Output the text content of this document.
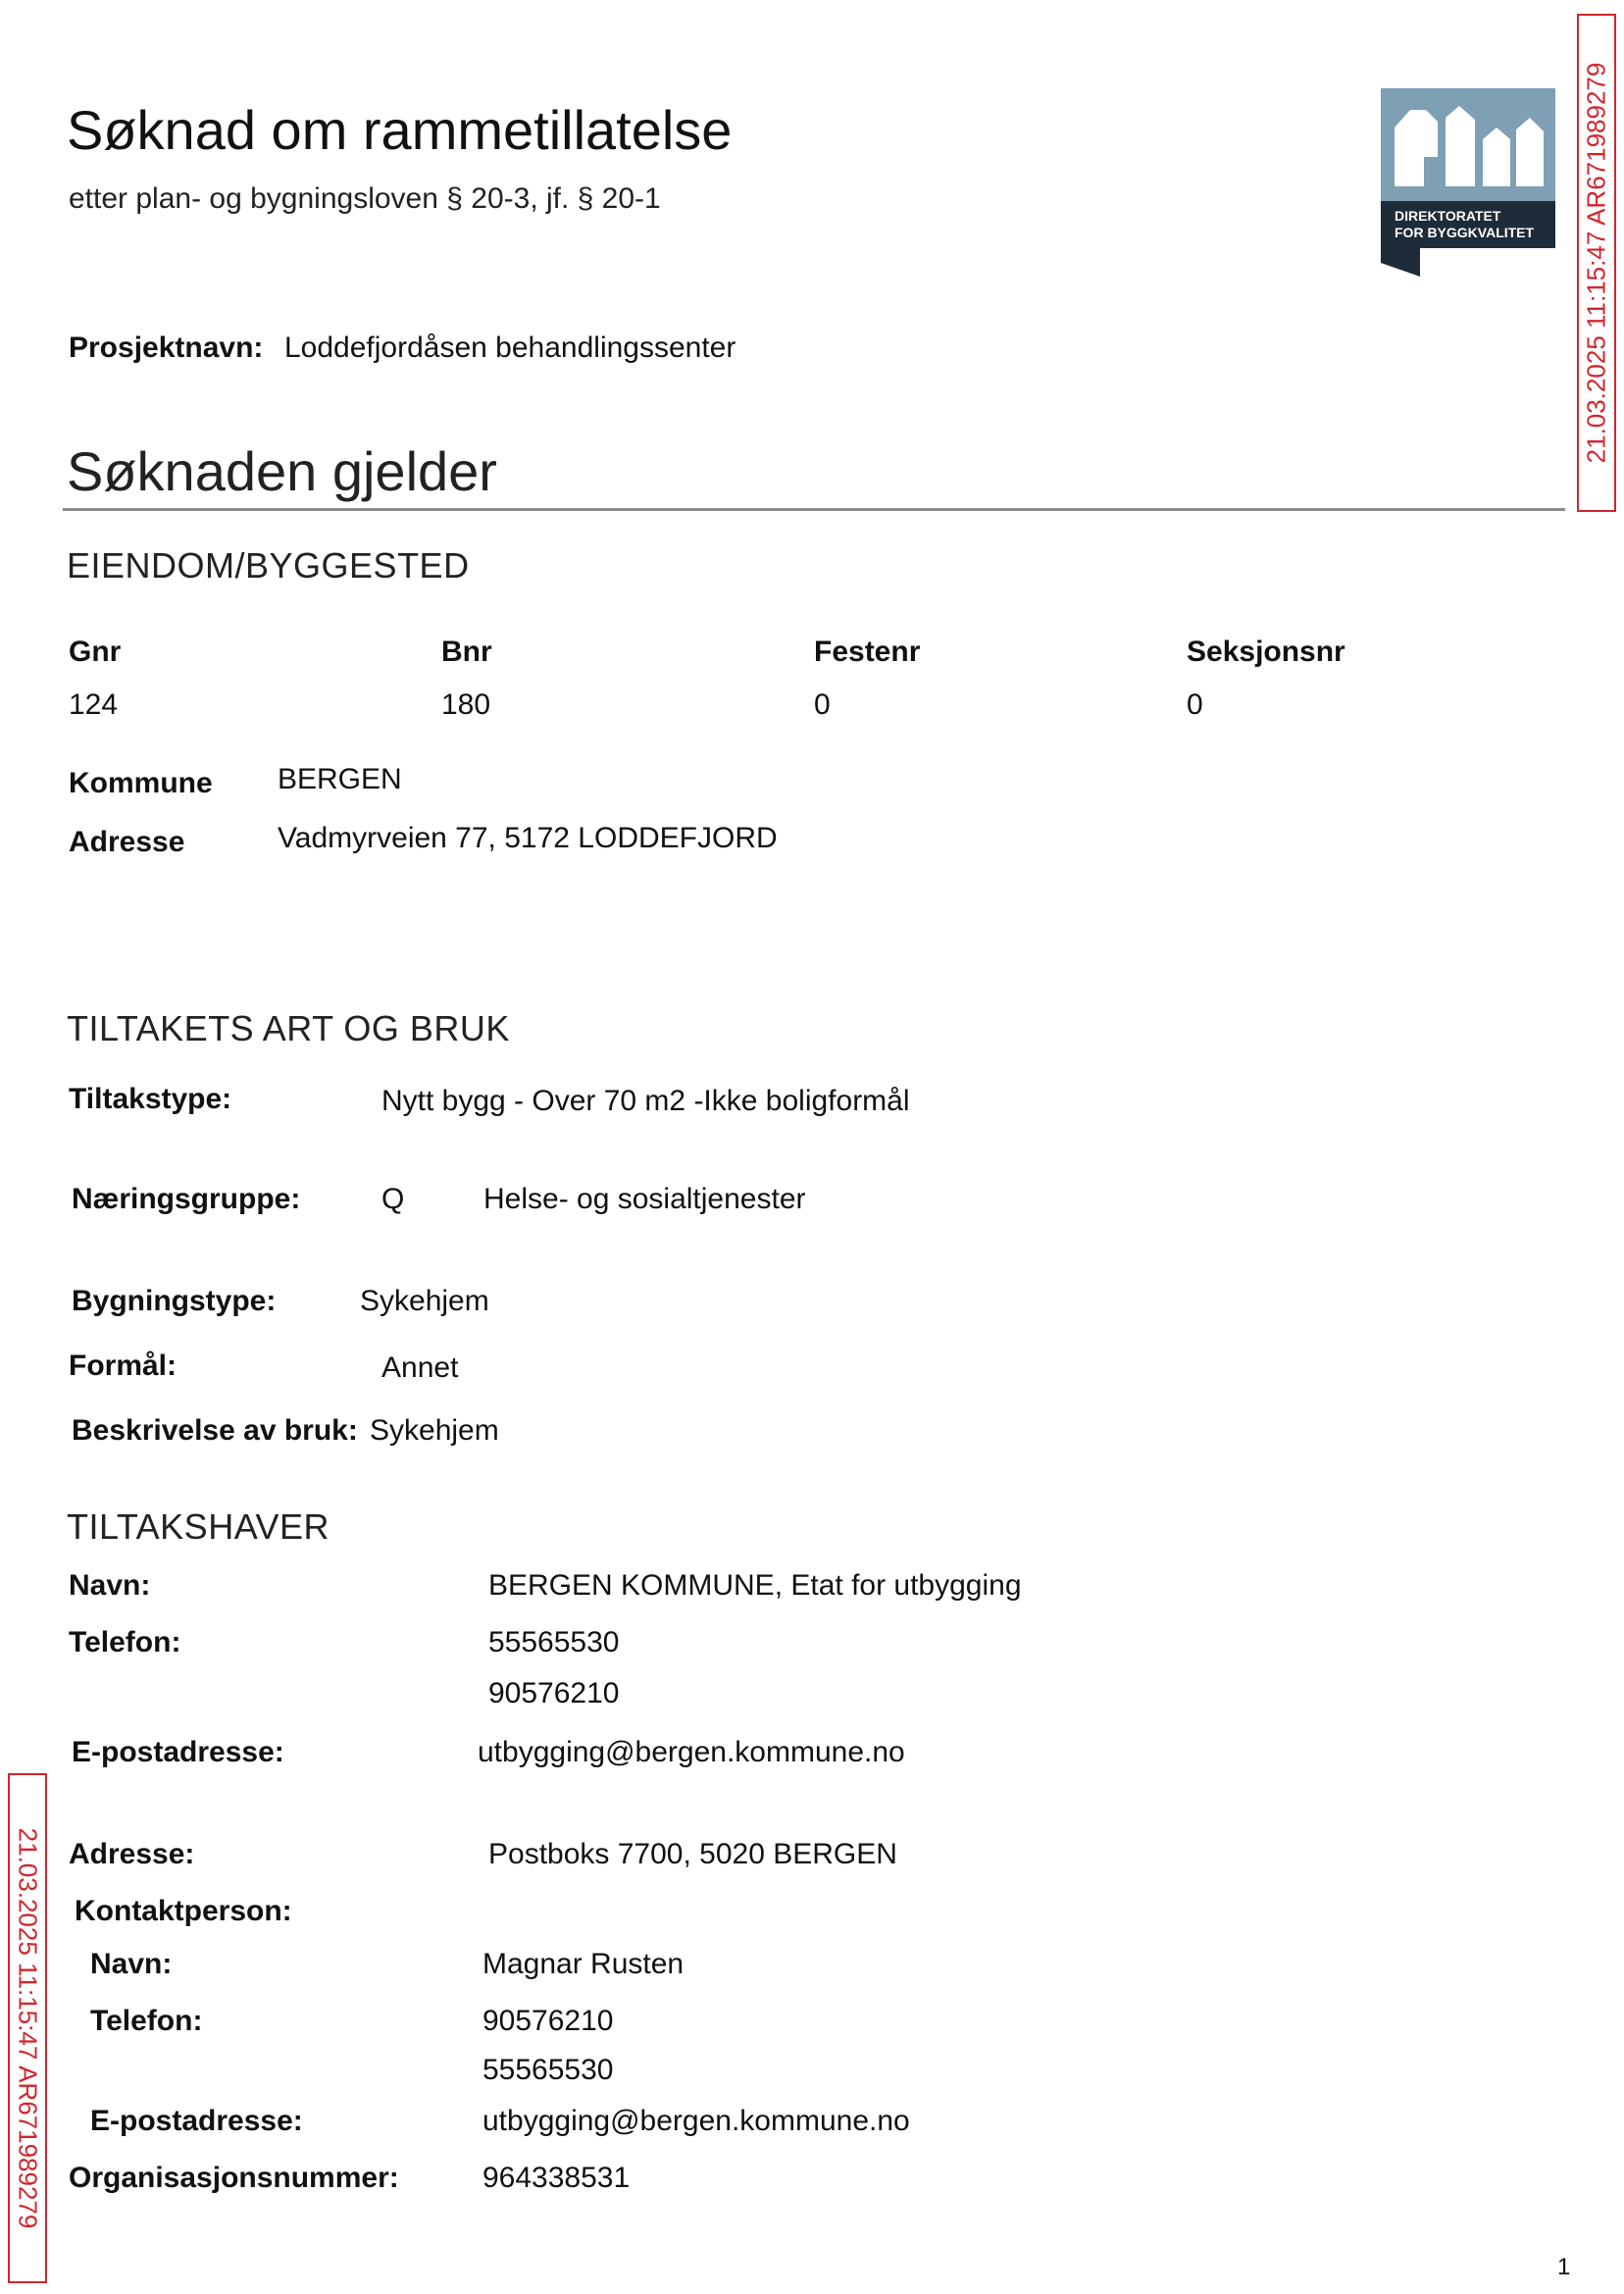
Søknad om rammetillatelse
etter plan- og bygningsloven § 20-3, jf. § 20-1
DIREKTORATET
FOR BYGGKVALITET 21.03.2025 11:15:47 AR671989279
Prosjektnavn: Loddefjordåsen behandlingssenter
Søknaden gjelder
EIENDOM/BYGGESTED
Gnr	Bnr	Festenr	Seksjonsnr
124	180	0	0
Kommune BERGEN
Adresse	Vadmyrveien 77, 5172 LODDEFJORD
TILTAKETS ART OG BRUK
Tiltakstype:	Nytt bygg - Over 70 m2 -Ikke boligformål
Næringsgruppe:	Q	Helse- og sosialtjenester
Bygningstype:	Sykehjem
Formål:	Annet
Beskrivelse av bruk: Sykehjem
TILTAKSHAVER
Navn:	BERGEN KOMMUNE, Etat for utbygging
Telefon:	55565530
90576210
E-postadresse:	utbygging@bergen.kommune.no
Adresse:	Postboks 7700, 5020 BERGEN
Kontaktperson:
Navn:	Magnar Rusten
Telefon:	90576210
55565530
E-postadresse:	utbygging@bergen.kommune.no
Organisasjonsnummer:	964338531
21.03.2025 11:15:47 AR671989279
1
